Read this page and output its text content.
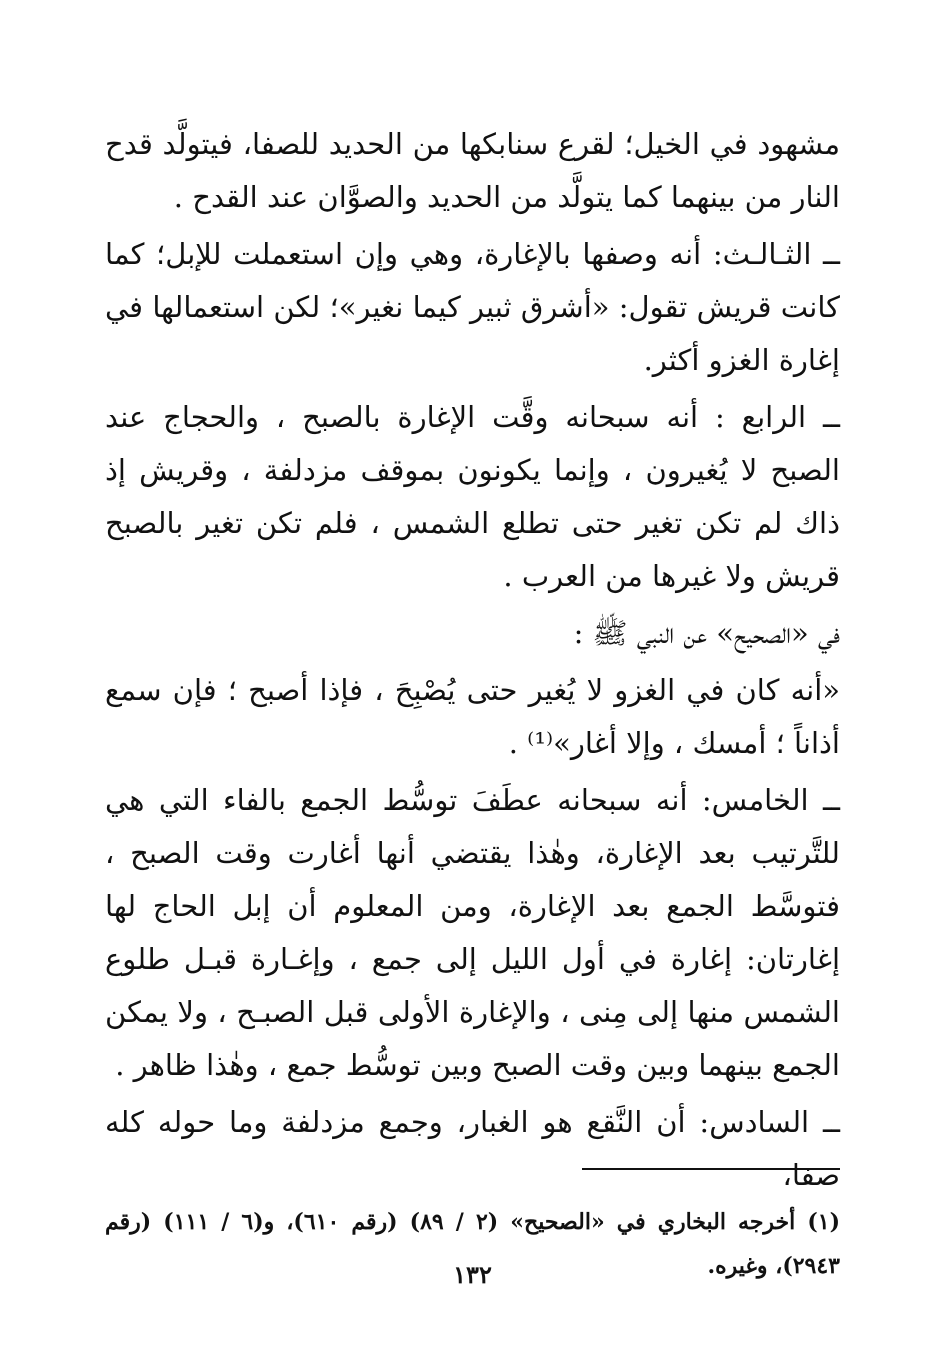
مشهود في الخيل؛ لقرع سنابكها من الحديد للصفا، فيتولَّد قدح النار من بينهما كما يتولَّد من الحديد والصوَّان عند القدح .

ــ الثـالـث: أنه وصفها بالإغارة، وهي وإن استعملت للإبل؛ كما كانت قريش تقول: «أشرق ثبير كيما نغير»؛ لكن استعمالها في إغارة الغزو أكثر.

ــ الرابع : أنه سبحانه وقَّت الإغارة بالصبح ، والحجاج عند الصبح لا يُغيرون ، وإنما يكونون بموقف مزدلفة ، وقريش إذ ذاك لم تكن تغير حتى تطلع الشمس ، فلم تكن تغير بالصبح قريش ولا غيرها من العرب .

في «الصحيح» عن النبي ﷺ :

«أنه كان في الغزو لا يُغير حتى يُصْبِحَ ، فإذا أصبح ؛ فإن سمع أذاناً ؛ أمسك ، وإلا أغار»⁽¹⁾ .

ــ الخامس: أنه سبحانه عطَفَ توسُّط الجمع بالفاء التي هي للتَّرتيب بعد الإغارة، وهٰذا يقتضي أنها أغارت وقت الصبح ، فتوسَّط الجمع بعد الإغارة، ومن المعلوم أن إبل الحاج لها إغارتان: إغارة في أول الليل إلى جمع ، وإغـارة قبـل طلوع الشمس منها إلى مِنى ، والإغارة الأولى قبل الصبـح ، ولا يمكن الجمع بينهما وبين وقت الصبح وبين توسُّط جمع ، وهٰذا ظاهر .

ــ السادس: أن النَّقع هو الغبار، وجمع مزدلفة وما حوله كله صفا،

(١) أخرجه البخاري في «الصحيح» (٢ / ٨٩) (رقم ٦١٠)، و(٦ / ١١١) (رقم ٢٩٤٣)، وغيره.
١٣٢
